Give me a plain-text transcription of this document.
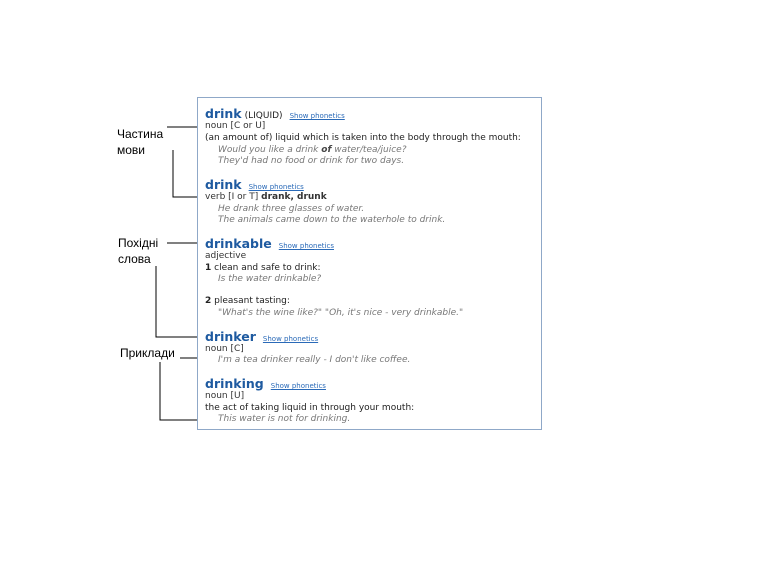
Частина
мови
Похідні
слова
Приклади
drink (LIQUID) Show phonetics
noun [C or U]
(an amount of) liquid which is taken into the body through the mouth:
Would you like a drink of water/tea/juice?
They'd had no food or drink for two days.
drink Show phonetics
verb [I or T] drank, drunk
He drank three glasses of water.
The animals came down to the waterhole to drink.
drinkable Show phonetics
adjective
1 clean and safe to drink:
Is the water drinkable?
2 pleasant tasting:
"What's the wine like?" "Oh, it's nice - very drinkable."
drinker Show phonetics
noun [C]
I'm a tea drinker really - I don't like coffee.
drinking Show phonetics
noun [U]
the act of taking liquid in through your mouth:
This water is not for drinking.
